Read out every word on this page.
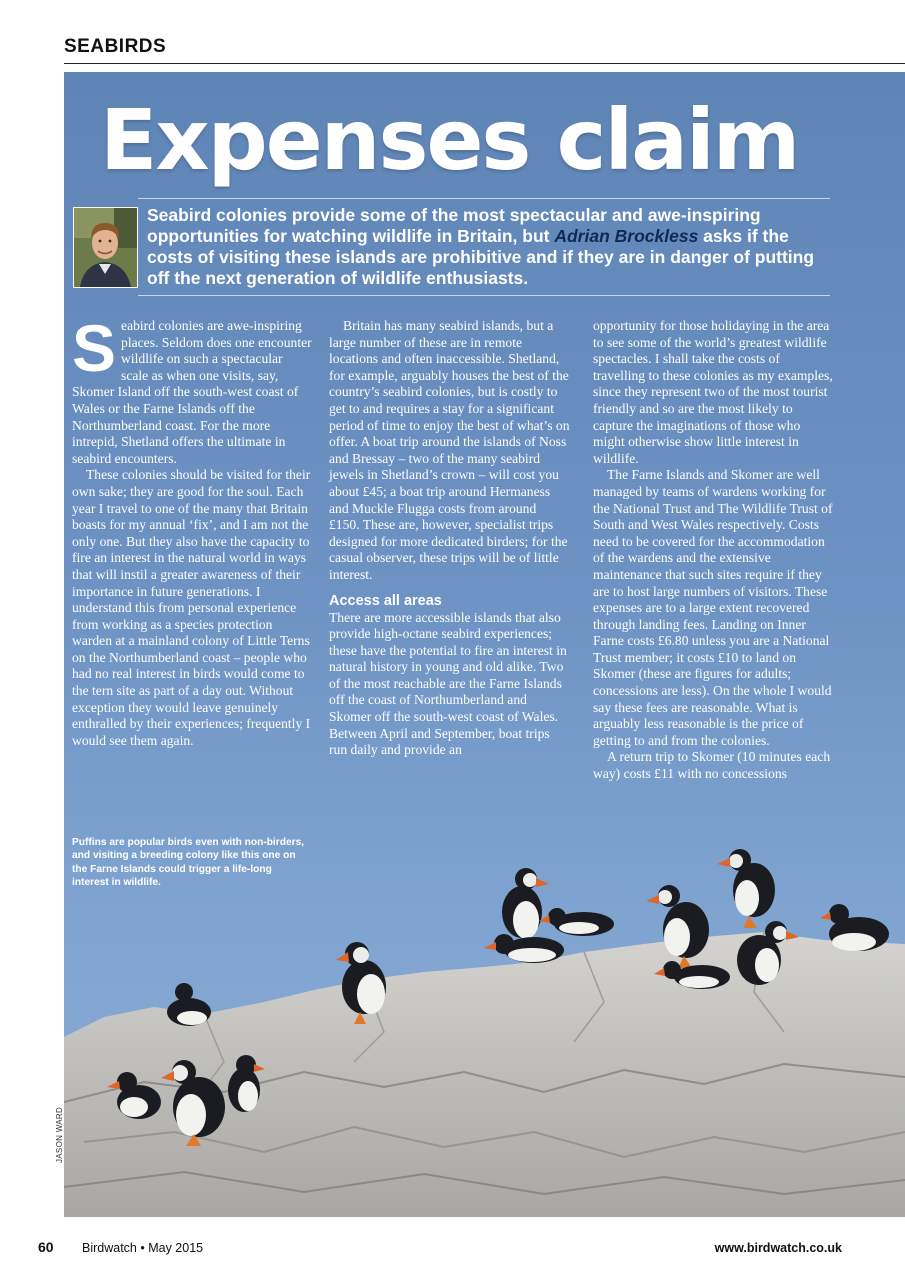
SEABIRDS
Expenses claim
Seabird colonies provide some of the most spectacular and awe-inspiring opportunities for watching wildlife in Britain, but Adrian Brockless asks if the costs of visiting these islands are prohibitive and if they are in danger of putting off the next generation of wildlife enthusiasts.

Seabird colonies are awe-inspiring places. Seldom does one encounter wildlife on such a spectacular scale as when one visits, say, Skomer Island off the south-west coast of Wales or the Farne Islands off the Northumberland coast. For the more intrepid, Shetland offers the ultimate in seabird encounters.

These colonies should be visited for their own sake; they are good for the soul. Each year I travel to one of the many that Britain boasts for my annual ‘fix’, and I am not the only one. But they also have the capacity to fire an interest in the natural world in ways that will instil a greater awareness of their importance in future generations. I understand this from personal experience from working as a species protection warden at a mainland colony of Little Terns on the Northumberland coast – people who had no real interest in birds would come to the tern site as part of a day out. Without exception they would leave genuinely enthralled by their experiences; frequently I would see them again.

Britain has many seabird islands, but a large number of these are in remote locations and often inaccessible. Shetland, for example, arguably houses the best of the country’s seabird colonies, but is costly to get to and requires a stay for a significant period of time to enjoy the best of what’s on offer. A boat trip around the islands of Noss and Bressay – two of the many seabird jewels in Shetland’s crown – will cost you about £45; a boat trip around Hermaness and Muckle Flugga costs from around £150. These are, however, specialist trips designed for more dedicated birders; for the casual observer, these trips will be of little interest.

Access all areas

There are more accessible islands that also provide high-octane seabird experiences; these have the potential to fire an interest in natural history in young and old alike. Two of the most reachable are the Farne Islands off the coast of Northumberland and Skomer off the south-west coast of Wales. Between April and September, boat trips run daily and provide an

opportunity for those holidaying in the area to see some of the world’s greatest wildlife spectacles. I shall take the costs of travelling to these colonies as my examples, since they represent two of the most tourist friendly and so are the most likely to capture the imaginations of those who might otherwise show little interest in wildlife.

The Farne Islands and Skomer are well managed by teams of wardens working for the National Trust and The Wildlife Trust of South and West Wales respectively. Costs need to be covered for the accommodation of the wardens and the extensive maintenance that such sites require if they are to host large numbers of visitors. These expenses are to a large extent recovered through landing fees. Landing on Inner Farne costs £6.80 unless you are a National Trust member; it costs £10 to land on Skomer (these are figures for adults; concessions are less). On the whole I would say these fees are reasonable. What is arguably less reasonable is the price of getting to and from the colonies.

A return trip to Skomer (10 minutes each way) costs £11 with no concessions

Puffins are popular birds even with non-birders, and visiting a breeding colony like this one on the Farne Islands could trigger a life-long interest in wildlife.
JASON WARD
60 Birdwatch • May 2015	www.birdwatch.co.uk
